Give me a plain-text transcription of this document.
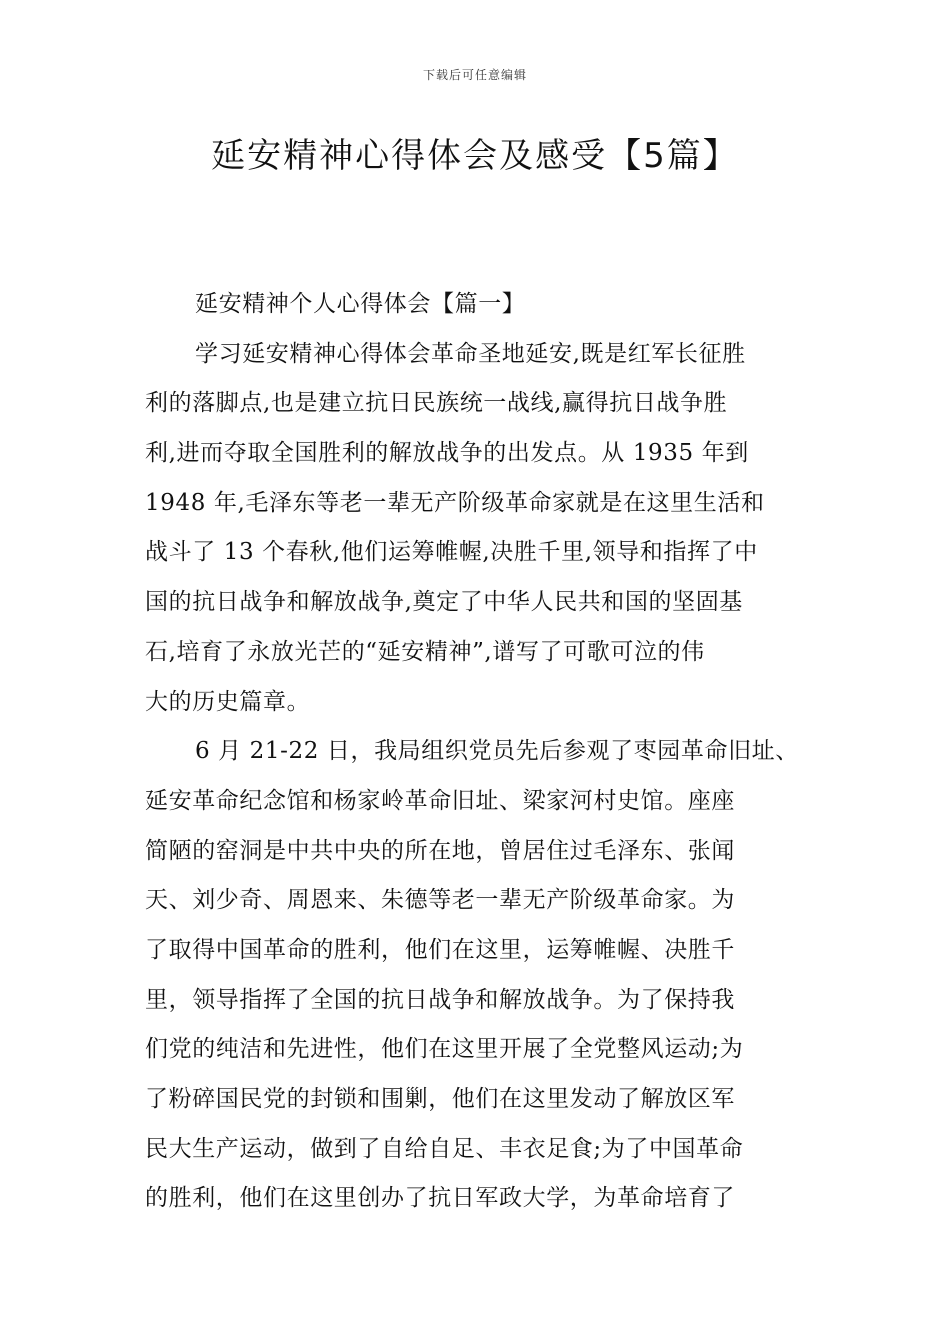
下载后可任意编辑
延安精神心得体会及感受【5篇】
延安精神个人心得体会【篇一】
学习延安精神心得体会革命圣地延安,既是红军长征胜
利的落脚点,也是建立抗日民族统一战线,赢得抗日战争胜
利,进而夺取全国胜利的解放战争的出发点。从 1935 年到
1948 年,毛泽东等老一辈无产阶级革命家就是在这里生活和
战斗了 13 个春秋,他们运筹帷幄,决胜千里,领导和指挥了中
国的抗日战争和解放战争,奠定了中华人民共和国的坚固基
石,培育了永放光芒的“延安精神”,谱写了可歌可泣的伟
大的历史篇章。
6 月 21-22 日，我局组织党员先后参观了枣园革命旧址、
延安革命纪念馆和杨家岭革命旧址、梁家河村史馆。座座
简陋的窑洞是中共中央的所在地，曾居住过毛泽东、张闻
天、刘少奇、周恩来、朱德等老一辈无产阶级革命家。为
了取得中国革命的胜利，他们在这里，运筹帷幄、决胜千
里，领导指挥了全国的抗日战争和解放战争。为了保持我
们党的纯洁和先进性，他们在这里开展了全党整风运动;为
了粉碎国民党的封锁和围剿，他们在这里发动了解放区军
民大生产运动，做到了自给自足、丰衣足食;为了中国革命
的胜利，他们在这里创办了抗日军政大学，为革命培育了
